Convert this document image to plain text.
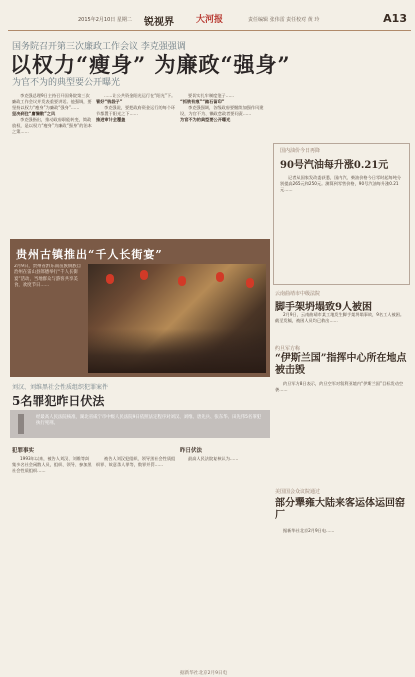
2015年2月10日 星期二 锐视界 大河报	责任编辑 张伟雷 责任校对 黄 玲	A13
国务院召开第三次廉政工作会议 李克强强调
以权力“瘦身” 为廉政“强身”
为官不为的典型要公开曝光

李克强总理9日主持召开国务院第三次廉政工作会议并发表重要讲话。他强调，要坚持以权力“瘦身”为廉政“强身”……

坚决刹住“庸懒散”之风

李克强指出，推动政府职能转变，简政放权，是以权力“瘦身”为廉政“强身”的治本之策……

……让公共资金阳光运行在“阳光”下。

管好“钱袋子”

李克强说，要把政府资金运行的每个环节都置于阳光之下……

推进审计全覆盖

要切实扎牢制度笼子……

“抓铁有痕”“踏石留印”

李克强强调，各级政府要继续加强作风建设，为官不为、懒政怠政者要问责……

为官不为的典型要公开曝光

国内油价今日再降
90号汽油每升涨0.21元

记者从国家发改委获悉，国内汽、柴油价格今日零时起每吨分别提高265元和250元。测算到零售价格，90号汽油每升涨0.21元……

云南曲靖市中级法院
脚手架坍塌致9人被困

2月9日，云南曲靖市某工地发生脚手架坍塌事故，9名工人被困。截至发稿，被困人员均已救出……

约旦军方称
“伊斯兰国”指挥中心所在地点被击毁

约旦军方8日表示，约旦空军对叙利亚境内“伊斯兰国”目标发动空袭……

美国国会众议院通过
部分犟雍大陆来客运体运回窑厂

据新华社北京2月9日电……

贵州古镇推出“千人长街宴”
2月9日，贵州省黔东南苗族侗族自治州在雷山县郎德举行“千人长街宴”活动，当地群众与游客共享美食，欢度节日……
刘汉、刘维黑社会性质组织犯罪案件
5名罪犯昨日伏法
经最高人民法院核准，湖北省咸宁市中级人民法院9日依照法定程序对刘汉、刘维、唐先兵、张东华、田先伟5名罪犯执行死刑。
犯罪事实	昨日伏法

1993年以来，被告人刘汉、刘维等纠集多名社会闲散人员，组织、领导、参加黑社会性质组织……

被告人刘汉犯组织、领导黑社会性质组织罪、故意杀人罪等，数罪并罚……

最高人民法院复核认为……

据新华社北京2月9日电
